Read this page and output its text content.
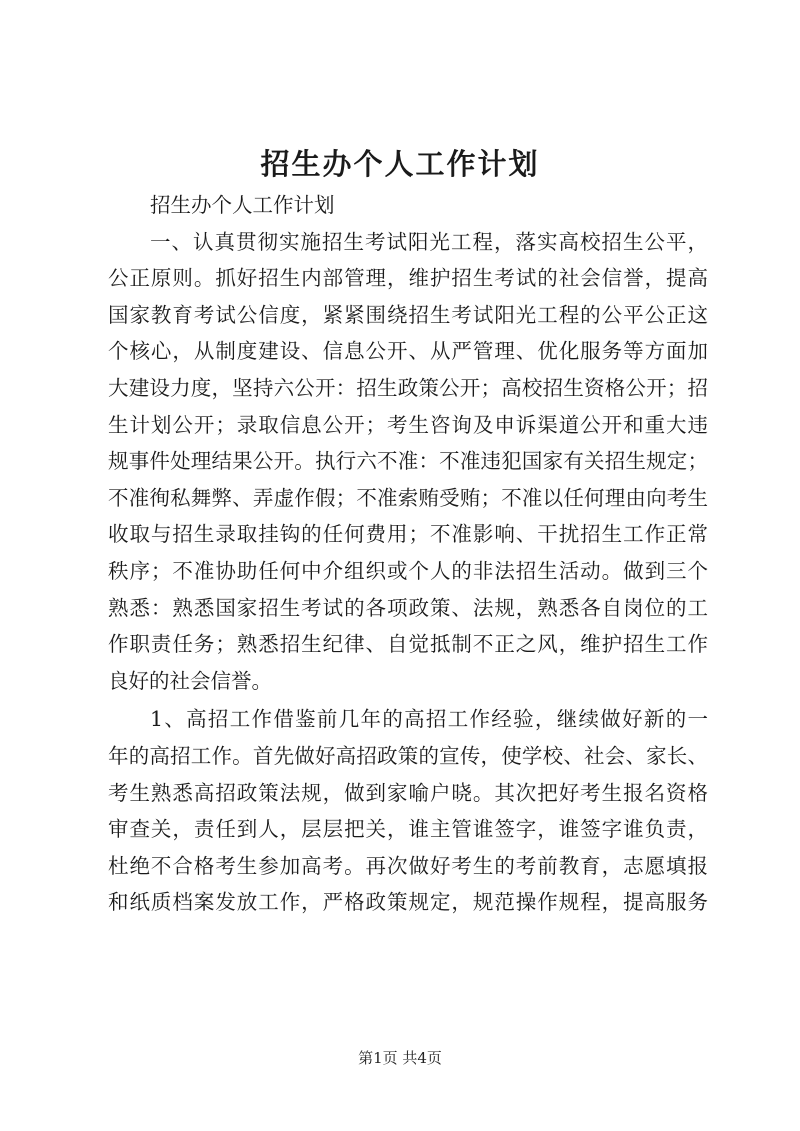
招生办个人工作计划
招生办个人工作计划
一、认真贯彻实施招生考试阳光工程，落实高校招生公平，
公正原则。抓好招生内部管理，维护招生考试的社会信誉，提高
国家教育考试公信度，紧紧围绕招生考试阳光工程的公平公正这
个核心，从制度建设、信息公开、从严管理、优化服务等方面加
大建设力度，坚持六公开：招生政策公开；高校招生资格公开；招
生计划公开；录取信息公开；考生咨询及申诉渠道公开和重大违
规事件处理结果公开。执行六不准：不准违犯国家有关招生规定；
不准徇私舞弊、弄虚作假；不准索贿受贿；不准以任何理由向考生
收取与招生录取挂钩的任何费用；不准影响、干扰招生工作正常
秩序；不准协助任何中介组织或个人的非法招生活动。做到三个
熟悉：熟悉国家招生考试的各项政策、法规，熟悉各自岗位的工
作职责任务；熟悉招生纪律、自觉抵制不正之风，维护招生工作
良好的社会信誉。
1、高招工作借鉴前几年的高招工作经验，继续做好新的一
年的高招工作。首先做好高招政策的宣传，使学校、社会、家长、
考生熟悉高招政策法规，做到家喻户晓。其次把好考生报名资格
审查关，责任到人，层层把关，谁主管谁签字，谁签字谁负责，
杜绝不合格考生参加高考。再次做好考生的考前教育，志愿填报
和纸质档案发放工作，严格政策规定，规范操作规程，提高服务
第1页 共4页
